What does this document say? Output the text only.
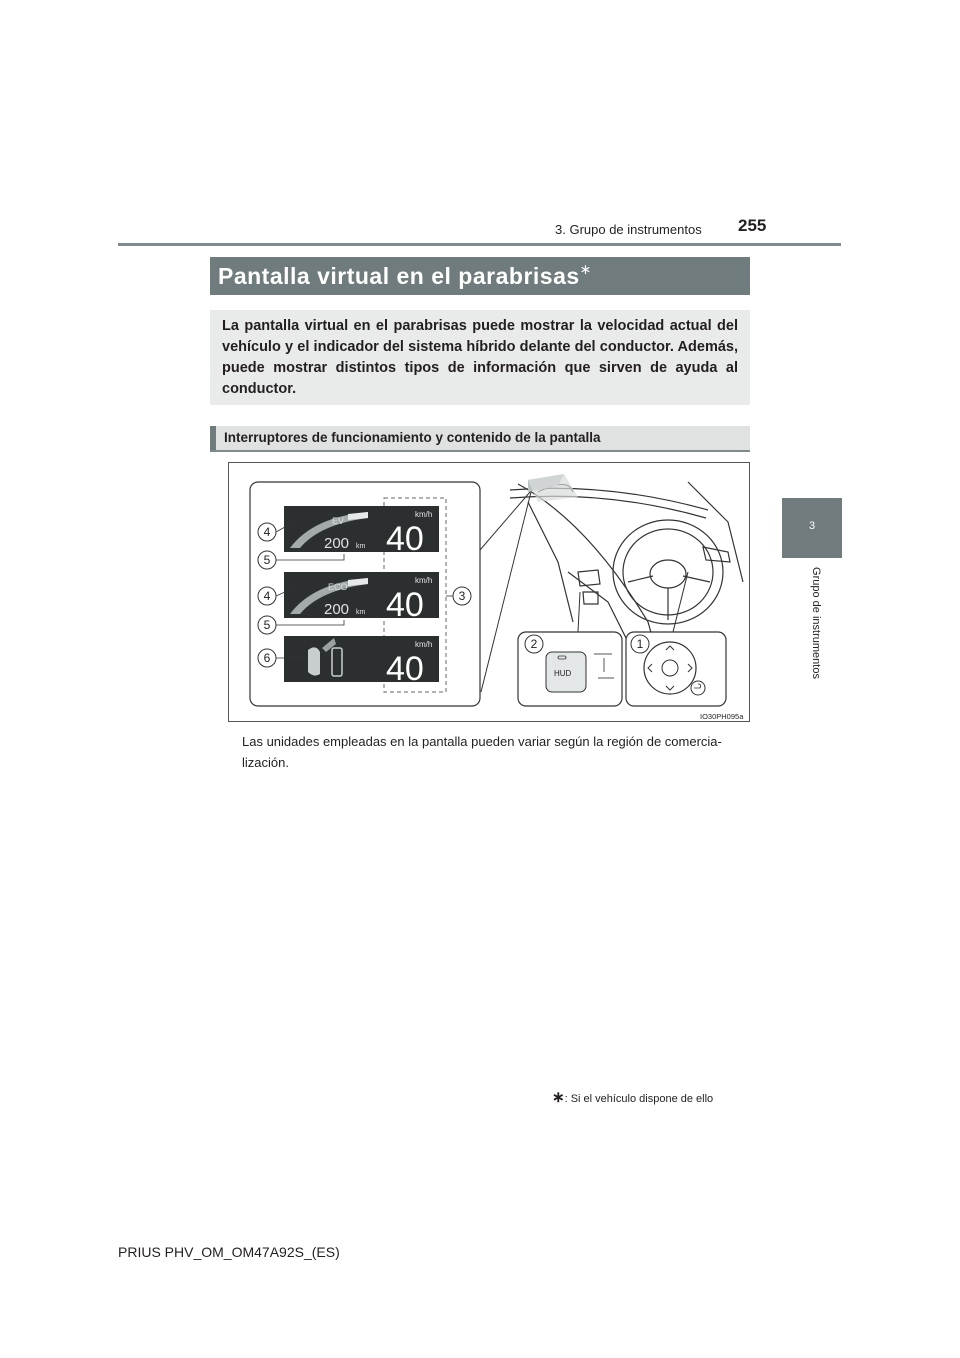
255
3. Grupo de instrumentos
3
Grupo de instrumentos
Pantalla virtual en el parabrisas∗
La pantalla virtual en el parabrisas puede mostrar la velocidad actual del vehículo y el indicador del sistema híbrido delante del conductor. Además, puede mostrar distintos tipos de información que sirven de ayuda al conductor.
Interruptores de funcionamiento y contenido de la pantalla
EV
200 km
km/h
40
ECO
200 km
km/h
40
km/h
40	HUD
4
5
4
5
6
3
2	1
IO30PH095a
Las unidades empleadas en la pantalla pueden variar según la región de comercia-lización.
∗: Si el vehículo dispone de ello
PRIUS PHV_OM_OM47A92S_(ES)
